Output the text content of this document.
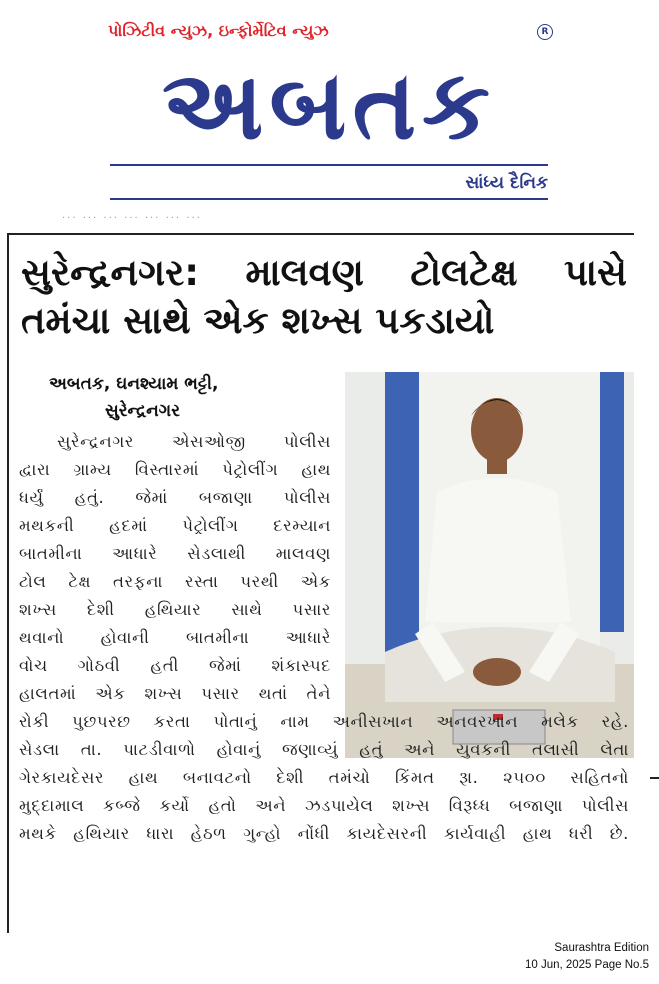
પોઝિટીવ ન્યુઝ, ઇન્ફોર્મેટિવ ન્યુઝ	R
અબતક
સાંધ્ય દૈનિક
... ... ... ... ... ... ...
સુરેન્દ્રનગર: માલવણ ટોલટેક્ષ પાસે
તમંચા સાથે એક શખ્સ પકડાયો
અબતક, ઘનશ્યામ ભટ્ટી,
સુરેન્દ્રનગર
સુરેન્દ્રનગર એસઓજી પોલીસ
દ્વારા ગ્રામ્ય વિસ્તારમાં પેટ્રોલીંગ હાથ
ધર્યું હતું. જેમાં બજાણા પોલીસ
મથકની હદમાં પેટ્રોલીંગ દરમ્યાન
બાતમીના આધારે સેડલાથી માલવણ
ટોલ ટેક્ષ તરફના રસ્તા પરથી એક
શખ્સ દેશી હથિયાર સાથે પસાર
થવાનો હોવાની બાતમીના આધારે
વોચ ગોઠવી હતી જેમાં શંકાસ્પદ
હાલતમાં એક શખ્સ પસાર થતાં તેને
રોકી પુછપરછ કરતા પોતાનું નામ અનીસખાન અનવરખાન મલેક રહે.
સેડલા તા. પાટડીવાળો હોવાનું જણાવ્યું હતું અને યુવકની તલાસી લેતા
ગેરકાયદેસર હાથ બનાવટનો દેશી તમંચો કિંમત રૂા. ૨૫૦૦ સહિતનો
મુદ્દામાલ કબ્જે કર્યો હતો અને ઝડપાયેલ શખ્સ વિરૂધ્ધ બજાણા પોલીસ
મથકે હથિયાર ધારા હેઠળ ગુન્હો નોંધી કાયદેસરની કાર્યવાહી હાથ ધરી છે.
Saurashtra Edition
10 Jun, 2025 Page No.5
